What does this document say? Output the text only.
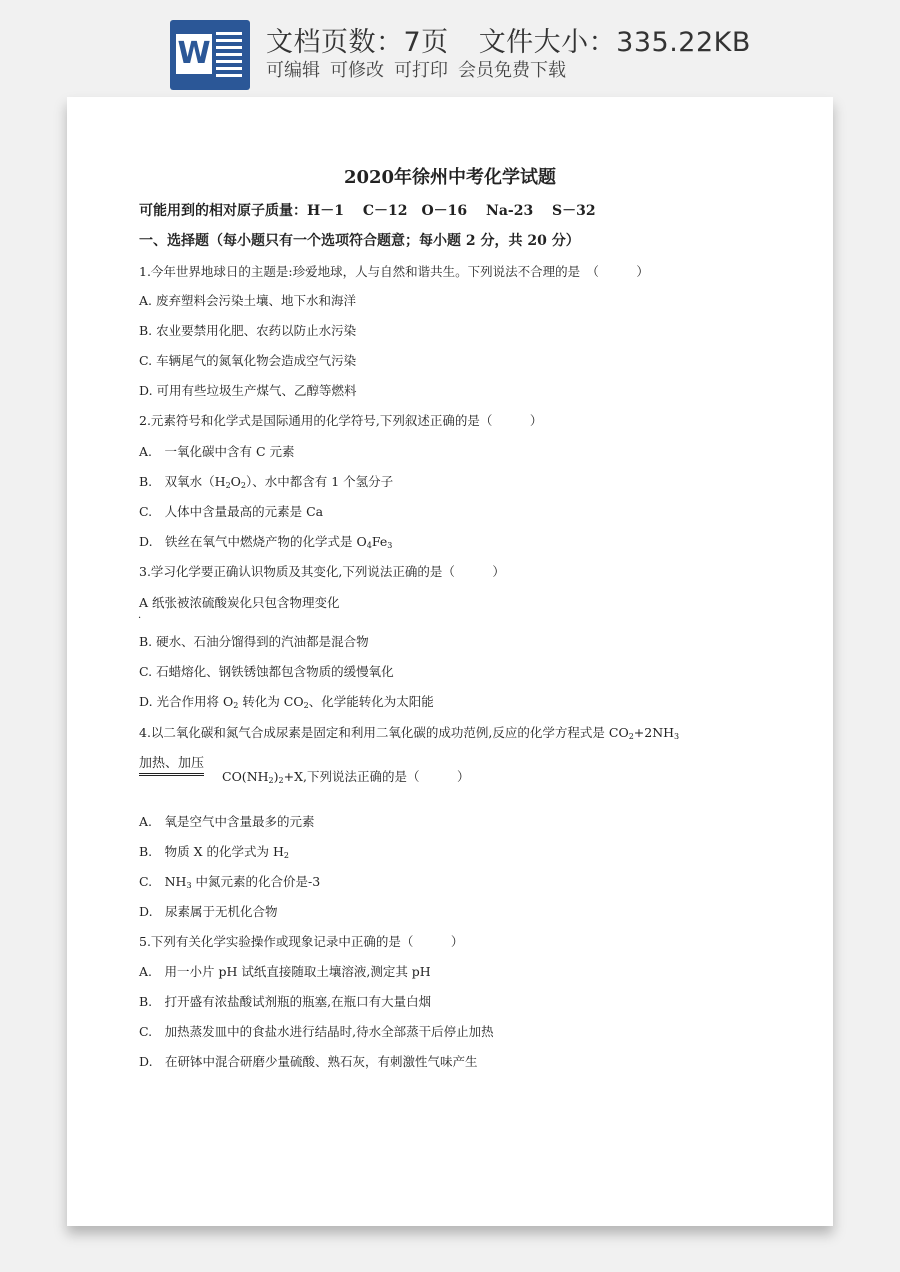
W 文档页数：7页 文件大小：335.22KB
可编辑 可修改 可打印 会员免费下载
2020年徐州中考化学试题
可能用到的相对原子质量：H－1　 C－12　O－16　 Na-23　 S－32
一、选择题（每小题只有一个选项符合题意；每小题 2 分，共 20 分）
1.今年世界地球日的主题是:珍爱地球，人与自然和谐共生。下列说法不合理的是　（　　　）
A. 废弃塑料会污染土壤、地下水和海洋
B. 农业要禁用化肥、农药以防止水污染
C. 车辆尾气的氮氧化物会造成空气污染
D. 可用有些垃圾生产煤气、乙醇等燃料
2.元素符号和化学式是国际通用的化学符号,下列叙述正确的是（　　　）
A.　一氧化碳中含有 C 元素
B.　双氧水$(H_2O_2)$、水中都含有 1 个氢分子
C.　人体中含量最高的元素是 Ca
D.　铁丝在氧气中燃烧产物的化学式是 $O_4Fe_3$
3.学习化学要正确认识物质及其变化,下列说法正确的是（　　　）
A 纸张被浓硫酸炭化只包含物理变化
·
B. 硬水、石油分馏得到的汽油都是混合物
C. 石蜡熔化、钢铁锈蚀都包含物质的缓慢氧化
D. 光合作用将 $O_2$ 转化为 $CO_2$、化学能转化为太阳能
4.以二氧化碳和氮气合成尿素是固定和利用二氧化碳的成功范例,反应的化学方程式是 $CO_2+2NH_3$
加热、加压
$CO(NH_2)_2+X$,下列说法正确的是（　　　）
A.　氧是空气中含量最多的元素
B.　物质 X 的化学式为 $H_2$
C.　$NH_3$ 中氮元素的化合价是-3
D.　尿素属于无机化合物
5.下列有关化学实验操作或现象记录中正确的是（　　　）
A.　用一小片 pH 试纸直接随取土壤溶液,测定其 pH
B.　打开盛有浓盐酸试剂瓶的瓶塞,在瓶口有大量白烟
C.　加热蒸发皿中的食盐水进行结晶时,待水全部蒸干后停止加热
D.　在研钵中混合研磨少量硫酸、熟石灰，有刺激性气味产生
